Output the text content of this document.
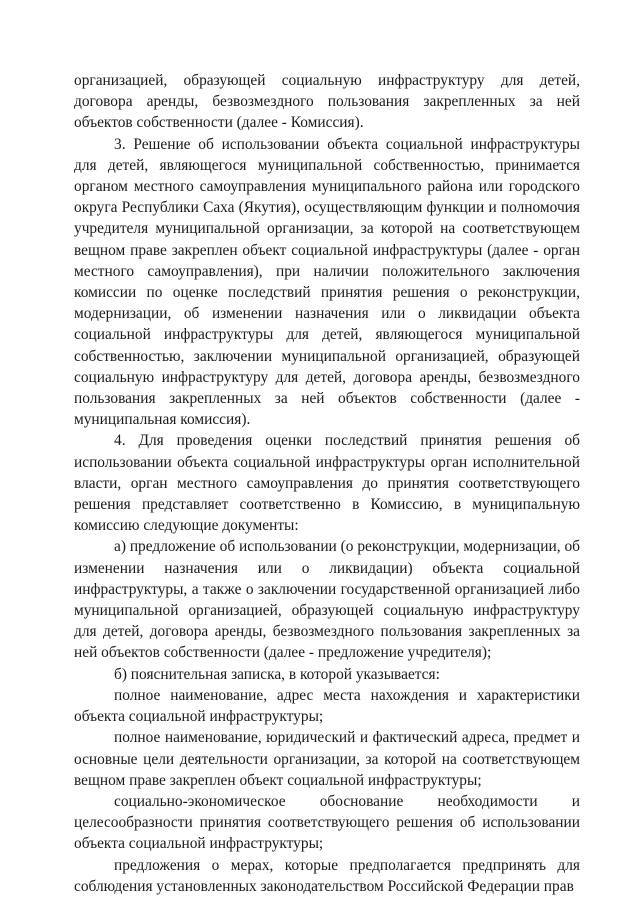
организацией, образующей социальную инфраструктуру для детей, договора аренды, безвозмездного пользования закрепленных за ней объектов собственности (далее - Комиссия).

3. Решение об использовании объекта социальной инфраструктуры для детей, являющегося муниципальной собственностью, принимается органом местного самоуправления муниципального района или городского округа Республики Саха (Якутия), осуществляющим функции и полномочия учредителя муниципальной организации, за которой на соответствующем вещном праве закреплен объект социальной инфраструктуры (далее - орган местного самоуправления), при наличии положительного заключения комиссии по оценке последствий принятия решения о реконструкции, модернизации, об изменении назначения или о ликвидации объекта социальной инфраструктуры для детей, являющегося муниципальной собственностью, заключении муниципальной организацией, образующей социальную инфраструктуру для детей, договора аренды, безвозмездного пользования закрепленных за ней объектов собственности (далее - муниципальная комиссия).

4. Для проведения оценки последствий принятия решения об использовании объекта социальной инфраструктуры орган исполнительной власти, орган местного самоуправления до принятия соответствующего решения представляет соответственно в Комиссию, в муниципальную комиссию следующие документы:

а) предложение об использовании (о реконструкции, модернизации, об изменении назначения или о ликвидации) объекта социальной инфраструктуры, а также о заключении государственной организацией либо муниципальной организацией, образующей социальную инфраструктуру для детей, договора аренды, безвозмездного пользования закрепленных за ней объектов собственности (далее - предложение учредителя);

б) пояснительная записка, в которой указывается:

полное наименование, адрес места нахождения и характеристики объекта социальной инфраструктуры;

полное наименование, юридический и фактический адреса, предмет и основные цели деятельности организации, за которой на соответствующем вещном праве закреплен объект социальной инфраструктуры;

социально-экономическое обоснование необходимости и целесообразности принятия соответствующего решения об использовании объекта социальной инфраструктуры;

предложения о мерах, которые предполагается предпринять для соблюдения установленных законодательством Российской Федерации прав
